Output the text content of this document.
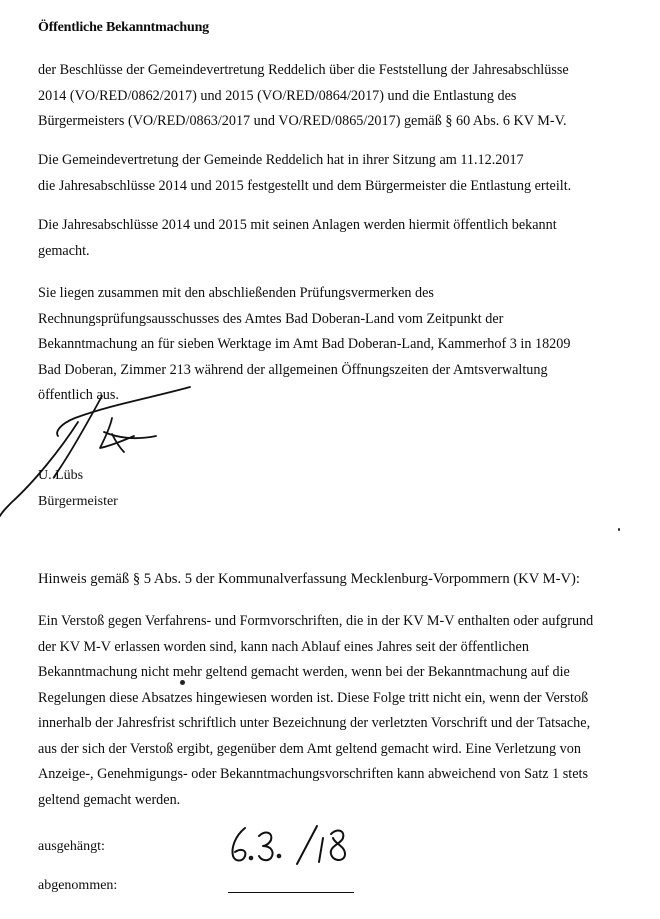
Öffentliche Bekanntmachung
der Beschlüsse der Gemeindevertretung Reddelich über die Feststellung der Jahresabschlüsse
2014 (VO/RED/0862/2017) und 2015 (VO/RED/0864/2017) und die Entlastung des
Bürgermeisters (VO/RED/0863/2017 und VO/RED/0865/2017) gemäß § 60 Abs. 6 KV M-V.
Die Gemeindevertretung der Gemeinde Reddelich hat in ihrer Sitzung am 11.12.2017
die Jahresabschlüsse 2014 und 2015 festgestellt und dem Bürgermeister die Entlastung erteilt.
Die Jahresabschlüsse 2014 und 2015 mit seinen Anlagen werden hiermit öffentlich bekannt
gemacht.
Sie liegen zusammen mit den abschließenden Prüfungsvermerken des
Rechnungsprüfungsausschusses des Amtes Bad Doberan-Land vom Zeitpunkt der
Bekanntmachung an für sieben Werktage im Amt Bad Doberan-Land, Kammerhof 3 in 18209
Bad Doberan, Zimmer 213 während der allgemeinen Öffnungszeiten der Amtsverwaltung
öffentlich aus.
U. Lübs
Bürgermeister
Hinweis gemäß § 5 Abs. 5 der Kommunalverfassung Mecklenburg-Vorpommern (KV M-V):
Ein Verstoß gegen Verfahrens- und Formvorschriften, die in der KV M-V enthalten oder aufgrund
der KV M-V erlassen worden sind, kann nach Ablauf eines Jahres seit der öffentlichen
Bekanntmachung nicht mehr geltend gemacht werden, wenn bei der Bekanntmachung auf die
Regelungen diese Absatzes hingewiesen worden ist. Diese Folge tritt nicht ein, wenn der Verstoß
innerhalb der Jahresfrist schriftlich unter Bezeichnung der verletzten Vorschrift und der Tatsache,
aus der sich der Verstoß ergibt, gegenüber dem Amt geltend gemacht wird. Eine Verletzung von
Anzeige-, Genehmigungs- oder Bekanntmachungsvorschriften kann abweichend von Satz 1 stets
geltend gemacht werden.
ausgehängt:
abgenommen:
